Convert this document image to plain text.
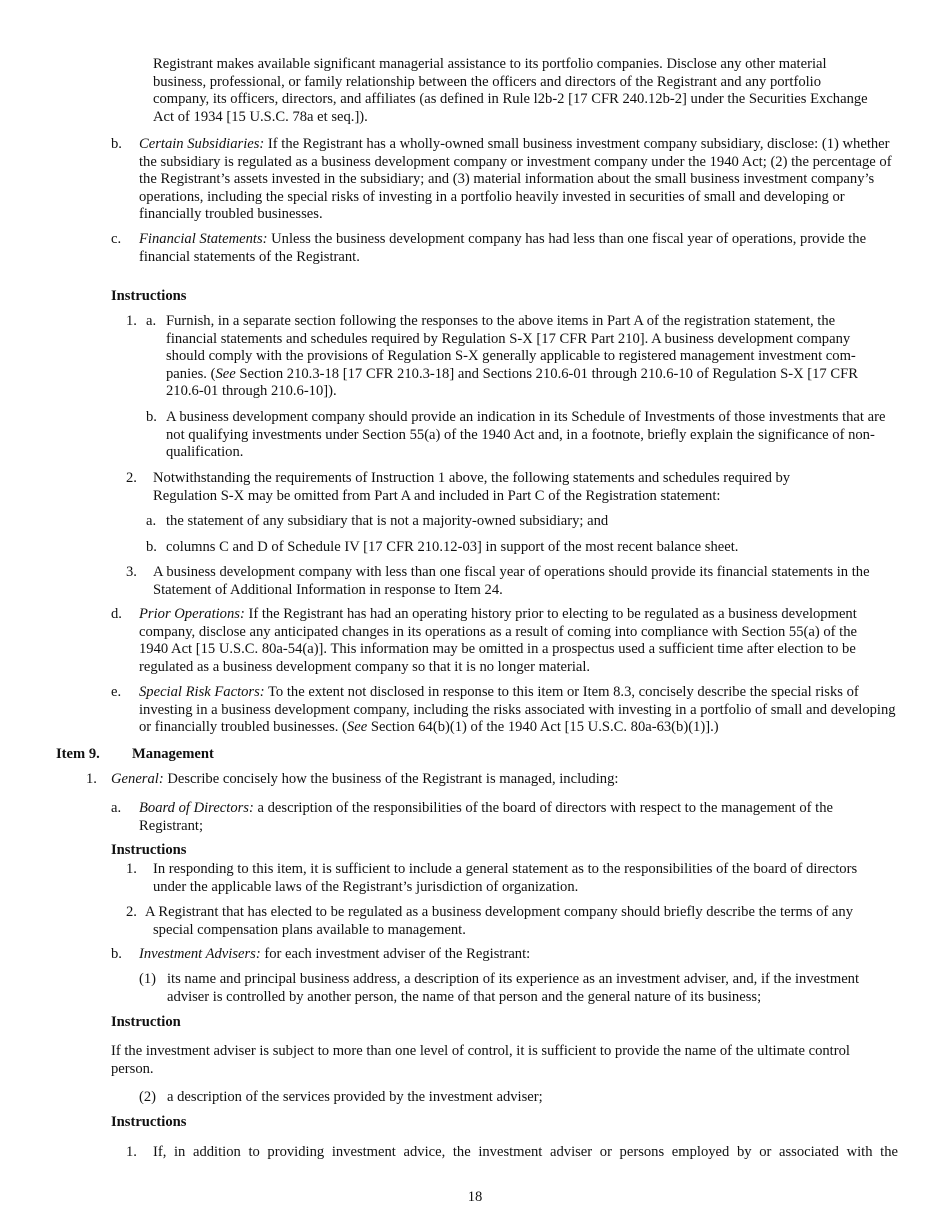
Registrant makes available significant managerial assistance to its portfolio companies. Disclose any other material business, professional, or family relationship between the officers and directors of the Registrant and any portfolio company, its officers, directors, and affiliates (as defined in Rule l2b-2 [17 CFR 240.12b-2] under the Securities Exchange Act of 1934 [15 U.S.C. 78a et seq.]).
b. Certain Subsidiaries: If the Registrant has a wholly-owned small business investment company subsidiary, disclose: (1) whether the subsidiary is regulated as a business development company or investment company under the 1940 Act; (2) the percentage of the Registrant’s assets invested in the subsidiary; and (3) material information about the small business investment company’s operations, including the special risks of investing in a portfolio heavily invested in securities of small and developing or financially troubled businesses.
c. Financial Statements: Unless the business development company has had less than one fiscal year of operations, provide the financial statements of the Registrant.
Instructions
1. a. Furnish, in a separate section following the responses to the above items in Part A of the registration statement, the financial statements and schedules required by Regulation S-X [17 CFR Part 210]. A business development company should comply with the provisions of Regulation S-X generally applicable to registered management investment com- panies. (See Section 210.3-18 [17 CFR 210.3-18] and Sections 210.6-01 through 210.6-10 of Regulation S-X [17 CFR 210.6-01 through 210.6-10]).
b. A business development company should provide an indication in its Schedule of Investments of those investments that are not qualifying investments under Section 55(a) of the 1940 Act and, in a footnote, briefly explain the significance of non-qualification.
2. Notwithstanding the requirements of Instruction 1 above, the following statements and schedules required by Regulation S-X may be omitted from Part A and included in Part C of the Registration statement:
a. the statement of any subsidiary that is not a majority-owned subsidiary; and
b. columns C and D of Schedule IV [17 CFR 210.12-03] in support of the most recent balance sheet.
3. A business development company with less than one fiscal year of operations should provide its financial statements in the Statement of Additional Information in response to Item 24.
d. Prior Operations: If the Registrant has had an operating history prior to electing to be regulated as a business development company, disclose any anticipated changes in its operations as a result of coming into compliance with Section 55(a) of the 1940 Act [15 U.S.C. 80a-54(a)]. This information may be omitted in a prospectus used a sufficient time after election to be regulated as a business development company so that it is no longer material.
e. Special Risk Factors: To the extent not disclosed in response to this item or Item 8.3, concisely describe the special risks of investing in a business development company, including the risks associated with investing in a portfolio of small and developing or financially troubled businesses. (See Section 64(b)(1) of the 1940 Act [15 U.S.C. 80a-63(b)(1)].)
Item 9. Management
1. General: Describe concisely how the business of the Registrant is managed, including:
a. Board of Directors: a description of the responsibilities of the board of directors with respect to the management of the Registrant;
Instructions
1. In responding to this item, it is sufficient to include a general statement as to the responsibilities of the board of directors under the applicable laws of the Registrant’s jurisdiction of organization.
2. A Registrant that has elected to be regulated as a business development company should briefly describe the terms of any special compensation plans available to management.
b. Investment Advisers: for each investment adviser of the Registrant:
(1) its name and principal business address, a description of its experience as an investment adviser, and, if the investment adviser is controlled by another person, the name of that person and the general nature of its business;
Instruction
If the investment adviser is subject to more than one level of control, it is sufficient to provide the name of the ultimate control person.
(2) a description of the services provided by the investment adviser;
Instructions
1. If, in addition to providing investment advice, the investment adviser or persons employed by or associated with the
18
